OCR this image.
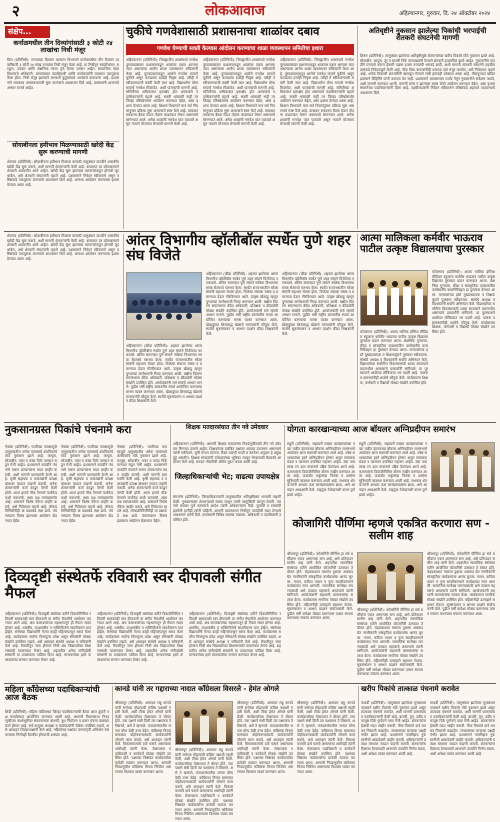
२	लोकआवाज	अहिल्यानगर, गुरुवार, दि. २४ ऑक्टोबर २०२४
संक्षेप...
कर्नाळमधील तीन दिव्यांगांसाठी ३ कोटी २४ लाखांचा निधी मंजूर
विटा (प्रतिनिधी): राज्याच्या दिव्यांग कल्याण विभागाने कर्नाळमधील तीन दिव्यांग व्यक्तींसाठी ३ कोटी २४ लाख रुपयांचा निधी मंजूर केला आहे. या निधीतून स्वयंरोजगार, घरकुल, उपचार आणि शैक्षणिक गरजा पूर्ण केल्या जाणार आहेत. सामाजिक न्याय विभागाचे अधिकारी, ग्रामपंचायत पदाधिकारी आणि कार्यकर्त्यांनी याबाबत पाठपुरावा केला होता. निधी मंजूर झाल्याने लाभार्थी कुटुंबांमध्ये आनंदाचे वातावरण आहे. प्रशासनाने लवकरच अंमलबजावणी सुरू करण्याचे आश्वासन दिले आहे. ग्रामस्थांनी शासनाचे आभार मानले आहेत.
सोयाबीनला हमीभाव मिळण्यासाठी खरेदी केंद्र सुरू करण्याची मागणी
शेवगाव (प्रतिनिधी): सोयाबीनला हमीभाव मिळावा यासाठी तालुक्यात तातडीने शासकीय खरेदी केंद्र सुरू करावे, अशी मागणी शेतकऱ्यांनी केली आहे. बाजारात दर कोसळल्याने शेतकरी अडचणीत आले आहेत. खरेदी केंद्र सुरू झाल्यास व्यापाऱ्यांकडून होणारी लूट थांबेल, असे शेतकरी संघटनांनी म्हटले आहे. प्रशासनाने निवेदन स्वीकारले असून वरिष्ठांकडे पाठपुरावा करण्याचे आश्वासन दिले आहे. अन्यथा आंदोलन करण्याचा इशारा देण्यात आला आहे.
चुकीचे गणवेशासाठी प्रशासनाचा शाळांवर दबाव
गणवेश घेण्याची सक्ती केल्यास आंदोलन करण्याचा शाळा व्यवस्थापन समितीचा इशारा
अहिल्यानगर (प्रतिनिधी): जिल्ह्यातील शाळांमध्ये गणवेश पुरवठ्याबाबत प्रशासनाकडून शाळांवर दबाव आणला जात असल्याचा आरोप शाळा व्यवस्थापन समित्यांनी केला आहे. पुरवठादाराकडून आलेले गणवेश मापाने चुकीचे असून कापडाचा दर्जाही निकृष्ट आहे. तरीही ते स्वीकारण्याची सक्ती केली जात आहे. विद्यार्थ्यांना योग्य मापाचे गणवेश मिळावेत, अशी पालकांची मागणी आहे. समितीच्या अधिकारात हस्तक्षेप होत असल्याचे पदाधिकाऱ्यांनी म्हटले आहे. सक्ती थांबवली नाही तर जिल्हा परिषदेसमोर आंदोलन करण्यात येईल, असा इशारा देण्यात आला आहे. शिक्षण विभागाने मात्र सर्व नियमांनुसार प्रक्रिया सुरू असल्याचे स्पष्ट केले आहे. याबाबत लवकरच बैठक घेऊन तोडगा काढण्यात येणार असल्याचे सांगण्यात आले. अनेक शाळांनी गणवेश परत पाठवले असून नव्याने मोजमाप घेण्याची मागणी केली आहे.
अहिल्यानगर (प्रतिनिधी): जिल्ह्यातील शाळांमध्ये गणवेश पुरवठ्याबाबत प्रशासनाकडून शाळांवर दबाव आणला जात असल्याचा आरोप शाळा व्यवस्थापन समित्यांनी केला आहे. पुरवठादाराकडून आलेले गणवेश मापाने चुकीचे असून कापडाचा दर्जाही निकृष्ट आहे. तरीही ते स्वीकारण्याची सक्ती केली जात आहे. विद्यार्थ्यांना योग्य मापाचे गणवेश मिळावेत, अशी पालकांची मागणी आहे. समितीच्या अधिकारात हस्तक्षेप होत असल्याचे पदाधिकाऱ्यांनी म्हटले आहे. सक्ती थांबवली नाही तर जिल्हा परिषदेसमोर आंदोलन करण्यात येईल, असा इशारा देण्यात आला आहे. शिक्षण विभागाने मात्र सर्व नियमांनुसार प्रक्रिया सुरू असल्याचे स्पष्ट केले आहे. याबाबत लवकरच बैठक घेऊन तोडगा काढण्यात येणार असल्याचे सांगण्यात आले. अनेक शाळांनी गणवेश परत पाठवले असून नव्याने मोजमाप घेण्याची मागणी केली आहे.
अहिल्यानगर (प्रतिनिधी): जिल्ह्यातील शाळांमध्ये गणवेश पुरवठ्याबाबत प्रशासनाकडून शाळांवर दबाव आणला जात असल्याचा आरोप शाळा व्यवस्थापन समित्यांनी केला आहे. पुरवठादाराकडून आलेले गणवेश मापाने चुकीचे असून कापडाचा दर्जाही निकृष्ट आहे. तरीही ते स्वीकारण्याची सक्ती केली जात आहे. विद्यार्थ्यांना योग्य मापाचे गणवेश मिळावेत, अशी पालकांची मागणी आहे. समितीच्या अधिकारात हस्तक्षेप होत असल्याचे पदाधिकाऱ्यांनी म्हटले आहे. सक्ती थांबवली नाही तर जिल्हा परिषदेसमोर आंदोलन करण्यात येईल, असा इशारा देण्यात आला आहे. शिक्षण विभागाने मात्र सर्व नियमांनुसार प्रक्रिया सुरू असल्याचे स्पष्ट केले आहे. याबाबत लवकरच बैठक घेऊन तोडगा काढण्यात येणार असल्याचे सांगण्यात आले. अनेक शाळांनी गणवेश परत पाठवले असून नव्याने मोजमाप घेण्याची मागणी केली आहे.
अतिवृष्टीने नुकसान झालेल्या पिकांची भरपाईची शेतकरी संघटनेची मागणी
शिरूर (प्रतिनिधी): तालुक्यात झालेल्या अतिवृष्टीमुळे शेतकऱ्यांच्या खरीप पिकांचे मोठे नुकसान झाले आहे. सोयाबीन, कापूस, तूर व बाजरी पिके पाण्याखाली गेल्याने शेतकरी हवालदिल झाले आहेत. नुकसानीचे तातडीने पंचनामे करून हेक्टरी पन्नास हजार रुपयांची भरपाई द्यावी, अशी मागणी शेतकरी संघटनेने तहसीलदारांकडे निवेदनाद्वारे केली आहे. पीक विमा कंपन्यांनीही तत्काळ दावे मंजूर करावेत, असे निवेदनात म्हटले आहे. अनेक ठिकाणी शेतजमिनी खरवडून गेल्याने रब्बी हंगामही धोक्यात आला आहे. वीजपुरवठा खंडित झाल्याने विहिरींचे पाणी उपसता येत नाही. प्रशासनाने ग्रामस्तरावर पथके नेमून नुकसानीचे सर्वेक्षण करावे, अशी मागणी करण्यात आली. मागणी मान्य न झाल्यास रास्ता रोको आंदोलन करण्यात येईल, असा इशारा संघटनेच्या पदाधिकाऱ्यांनी दिला आहे. तहसीलदारांनी निवेदन स्वीकारून वरिष्ठांकडे अहवाल पाठवण्याचे आश्वासन दिले.
आंतर विभागीय व्हॉलीबॉल स्पर्धेत पुणे शहर संघ विजेते
अहिल्यानगर (क्रीडा प्रतिनिधी): शहरात झालेल्या आंतर विभागीय व्हॉलीबॉल स्पर्धेत पुणे शहर संघाने विजेतेपद पटकावले. अंतिम सामन्यात पुणे संघाने नाशिक विभागाचा सरळ सेटमध्ये पराभव केला. स्पर्धेत राज्यभरातील सोळा संघांनी सहभाग घेतला होता. विजेत्या संघाला चषक व प्रमाणपत्र देऊन गौरविण्यात आले. उत्कृष्ट खेळाडू म्हणून पुण्याच्या कर्णधाराची निवड करण्यात आली. बक्षीस वितरण समारंभाला क्रीडा अधिकारी, प्रशिक्षक व क्रीडाप्रेमी मोठ्या संख्येने उपस्थित होते. आयोजकांनी सर्व संघांचे आभार मानले. पुढील वर्षी राष्ट्रीय स्तरावरील स्पर्धा आयोजित करण्याचा मानस व्यक्त करण्यात आला. खेळाडूंच्या शिस्तबद्ध खेळाचे मान्यवरांनी कौतुक केले. स्पर्धेचे सूत्रसंचालन व आभार प्रदर्शन क्रीडा शिक्षकांनी केले.
अहिल्यानगर (क्रीडा प्रतिनिधी): शहरात झालेल्या आंतर विभागीय व्हॉलीबॉल स्पर्धेत पुणे शहर संघाने विजेतेपद पटकावले. अंतिम सामन्यात पुणे संघाने नाशिक विभागाचा सरळ सेटमध्ये पराभव केला. स्पर्धेत राज्यभरातील सोळा संघांनी सहभाग घेतला होता. विजेत्या संघाला चषक व प्रमाणपत्र देऊन गौरविण्यात आले. उत्कृष्ट खेळाडू म्हणून पुण्याच्या कर्णधाराची निवड करण्यात आली. बक्षीस वितरण समारंभाला क्रीडा अधिकारी, प्रशिक्षक व क्रीडाप्रेमी मोठ्या संख्येने उपस्थित होते. आयोजकांनी सर्व संघांचे आभार मानले. पुढील वर्षी राष्ट्रीय स्तरावरील स्पर्धा आयोजित करण्याचा मानस व्यक्त करण्यात आला. खेळाडूंच्या शिस्तबद्ध खेळाचे मान्यवरांनी कौतुक केले. स्पर्धेचे सूत्रसंचालन व आभार प्रदर्शन क्रीडा शिक्षकांनी केले.
अहिल्यानगर (क्रीडा प्रतिनिधी): शहरात झालेल्या आंतर विभागीय व्हॉलीबॉल स्पर्धेत पुणे शहर संघाने विजेतेपद पटकावले. अंतिम सामन्यात पुणे संघाने नाशिक विभागाचा सरळ सेटमध्ये पराभव केला. स्पर्धेत राज्यभरातील सोळा संघांनी सहभाग घेतला होता. विजेत्या संघाला चषक व प्रमाणपत्र देऊन गौरविण्यात आले. उत्कृष्ट खेळाडू म्हणून पुण्याच्या कर्णधाराची निवड करण्यात आली. बक्षीस वितरण समारंभाला क्रीडा अधिकारी, प्रशिक्षक व क्रीडाप्रेमी मोठ्या संख्येने उपस्थित होते. आयोजकांनी सर्व संघांचे आभार मानले. पुढील वर्षी राष्ट्रीय स्तरावरील स्पर्धा आयोजित करण्याचा मानस व्यक्त करण्यात आला. खेळाडूंच्या शिस्तबद्ध खेळाचे मान्यवरांनी कौतुक केले. स्पर्धेचे सूत्रसंचालन व आभार प्रदर्शन क्रीडा शिक्षकांनी केले.
शेवगाव (प्रतिनिधी): सोयाबीनला हमीभाव मिळावा यासाठी तालुक्यात तातडीने शासकीय खरेदी केंद्र सुरू करावे, अशी मागणी शेतकऱ्यांनी केली आहे. बाजारात दर कोसळल्याने शेतकरी अडचणीत आले आहेत. खरेदी केंद्र सुरू झाल्यास व्यापाऱ्यांकडून होणारी लूट थांबेल, असे शेतकरी संघटनांनी म्हटले आहे. प्रशासनाने निवेदन स्वीकारले असून वरिष्ठांकडे पाठपुरावा करण्याचे आश्वासन दिले आहे. अन्यथा आंदोलन करण्याचा इशारा देण्यात आला आहे.
आत्मा मालिकला कर्मवीर भाऊराव पाटील उत्कृष्ट विद्यालयाचा पुरस्कार
कोपरगाव (प्रतिनिधी): आत्मा मालिक इंग्लिश मीडियम स्कूलला कर्मवीर भाऊराव पाटील उत्कृष्ट विद्यालय पुरस्कार प्रदान करण्यात आला. शैक्षणिक गुणवत्ता, क्रीडा व सांस्कृतिक उपक्रमांतील उल्लेखनीय कामगिरीबद्दल हा पुरस्कार देण्यात आला. मान्यवरांच्या हस्ते मुख्याध्यापक व शिक्षकवृंदाने पुरस्कार स्वीकारला. संस्थेचे अध्यक्ष व विश्वस्तांनी सर्वांचे अभिनंदन केले. विद्यार्थ्यांच्या सर्वांगीण विकासासाठी शाळा सातत्याने प्रयत्नशील असल्याचे प्राचार्यांनी सांगितले. या पुरस्काराने शाळेच्या लौकिकात भर पडली आहे. पालक व ग्रामस्थांनीही शाळेचे कौतुक केले. कार्यक्रमास शिक्षक, कर्मचारी व विद्यार्थी मोठ्या संख्येने उपस्थित होते.
कोपरगाव (प्रतिनिधी): आत्मा मालिक इंग्लिश मीडियम स्कूलला कर्मवीर भाऊराव पाटील उत्कृष्ट विद्यालय पुरस्कार प्रदान करण्यात आला. शैक्षणिक गुणवत्ता, क्रीडा व सांस्कृतिक उपक्रमांतील उल्लेखनीय कामगिरीबद्दल हा पुरस्कार देण्यात आला. मान्यवरांच्या हस्ते मुख्याध्यापक व शिक्षकवृंदाने पुरस्कार स्वीकारला. संस्थेचे अध्यक्ष व विश्वस्तांनी सर्वांचे अभिनंदन केले. विद्यार्थ्यांच्या सर्वांगीण विकासासाठी शाळा सातत्याने प्रयत्नशील असल्याचे प्राचार्यांनी सांगितले. या पुरस्काराने शाळेच्या लौकिकात भर पडली आहे. पालक व ग्रामस्थांनीही शाळेचे कौतुक केले. कार्यक्रमास शिक्षक, कर्मचारी व विद्यार्थी मोठ्या संख्येने उपस्थित होते.
नुकसानग्रस्त पिकांचे पंचनामे करा
नेवासा (प्रतिनिधी): परतीच्या पावसामुळे तालुक्यातील अनेक गावांमध्ये शेतपिकांचे मोठे नुकसान झाले आहे. कापूस, सोयाबीन, मका व कांदा पिके पाण्यात सडून गेली आहेत. प्रशासनाने तातडीने पंचनामे करून शेतकऱ्यांना मदत जाहीर करावी, अशी मागणी ग्रामस्थांनी केली आहे. कृषी सहायक व तलाठ्यांनी प्रत्यक्ष बांधावर जाऊन पाहणी करावी. अनेक शेतकऱ्यांनी कर्ज काढून पेरणी केली होती. आता हातचे पीक गेल्याने कर्जफेड कशी करायची, असा प्रश्न त्यांच्यासमोर आहे. शासनाने विशेष पॅकेज जाहीर करावे, असे निवेदनात म्हटले आहे. लोकप्रतिनिधींनीही या प्रश्नाकडे लक्ष द्यावे. पंचनाम्यास विलंब झाल्यास आंदोलन छेडण्यात येईल.
नेवासा (प्रतिनिधी): परतीच्या पावसामुळे तालुक्यातील अनेक गावांमध्ये शेतपिकांचे मोठे नुकसान झाले आहे. कापूस, सोयाबीन, मका व कांदा पिके पाण्यात सडून गेली आहेत. प्रशासनाने तातडीने पंचनामे करून शेतकऱ्यांना मदत जाहीर करावी, अशी मागणी ग्रामस्थांनी केली आहे. कृषी सहायक व तलाठ्यांनी प्रत्यक्ष बांधावर जाऊन पाहणी करावी. अनेक शेतकऱ्यांनी कर्ज काढून पेरणी केली होती. आता हातचे पीक गेल्याने कर्जफेड कशी करायची, असा प्रश्न त्यांच्यासमोर आहे. शासनाने विशेष पॅकेज जाहीर करावे, असे निवेदनात म्हटले आहे. लोकप्रतिनिधींनीही या प्रश्नाकडे लक्ष द्यावे. पंचनाम्यास विलंब झाल्यास आंदोलन छेडण्यात येईल.
नेवासा (प्रतिनिधी): परतीच्या पावसामुळे तालुक्यातील अनेक गावांमध्ये शेतपिकांचे मोठे नुकसान झाले आहे. कापूस, सोयाबीन, मका व कांदा पिके पाण्यात सडून गेली आहेत. प्रशासनाने तातडीने पंचनामे करून शेतकऱ्यांना मदत जाहीर करावी, अशी मागणी ग्रामस्थांनी केली आहे. कृषी सहायक व तलाठ्यांनी प्रत्यक्ष बांधावर जाऊन पाहणी करावी. अनेक शेतकऱ्यांनी कर्ज काढून पेरणी केली होती. आता हातचे पीक गेल्याने कर्जफेड कशी करायची, असा प्रश्न त्यांच्यासमोर आहे. शासनाने विशेष पॅकेज जाहीर करावे, असे निवेदनात म्हटले आहे. लोकप्रतिनिधींनीही या प्रश्नाकडे लक्ष द्यावे. पंचनाम्यास विलंब झाल्यास आंदोलन छेडण्यात येईल.
शिक्षक मतदारसंघात तीन नवे उमेदवार
अहिल्यानगर (प्रतिनिधी): आगामी शिक्षक मतदारसंघ निवडणुकीसाठी तीन नवे उमेदवार रिंगणात उतरले आहेत. शिक्षकांच्या प्रलंबित प्रश्नांवर आवाज उठवणार असल्याचे त्यांनी सांगितले. जुनी पेन्शन योजना, रिक्त पदांची भरती व वेतनेतर अनुदान हे प्रमुख मुद्दे असतील. शिक्षक संघटनांनी उमेदवारांच्या भूमिका जाणून घेण्यासाठी बैठकांचे आयोजन केले आहे. मतदार नोंदणीची अंतिम मुदत जवळ आली आहे.
योगता कारखान्याच्या आज बॉयलर अग्निप्रदीपन समारंभ
राहुरी (प्रतिनिधी): सहकारी साखर कारखान्याच्या नव्या गळीत हंगामाच्या बॉयलर अग्निप्रदीपन समारंभाचे आयोजन आज सकाळी करण्यात आले आहे. ज्येष्ठ सभासदांच्या हस्ते अग्निप्रदीपन होणार असून संचालक मंडळ व कामगार उपस्थित राहणार आहेत. यंदा पाच लाख टन ऊस गाळपाचे उद्दिष्ट ठेवण्यात आले आहे. कामगारांना दिवाळीनिमित्त बोनस जाहीर करण्यात आला आहे. ऊसतोड मजुरांच्या निवास व आरोग्य सुविधांची व्यवस्था करण्यात आली आहे. सभासद शेतकऱ्यांनी आपला ऊस कारखान्यालाच द्यावा, असे आवाहन अध्यक्षांनी केले. वाहतूक ठेकेदारांशी करार पूर्ण झाले आहेत.
राहुरी (प्रतिनिधी): सहकारी साखर कारखान्याच्या नव्या गळीत हंगामाच्या बॉयलर अग्निप्रदीपन समारंभाचे आयोजन आज सकाळी करण्यात आले आहे. ज्येष्ठ सभासदांच्या हस्ते अग्निप्रदीपन होणार असून संचालक मंडळ व कामगार उपस्थित राहणार आहेत. यंदा पाच लाख टन ऊस गाळपाचे उद्दिष्ट ठेवण्यात आले आहे. कामगारांना दिवाळीनिमित्त बोनस जाहीर करण्यात आला आहे. ऊसतोड मजुरांच्या निवास व आरोग्य सुविधांची व्यवस्था करण्यात आली आहे. सभासद शेतकऱ्यांनी आपला ऊस कारखान्यालाच द्यावा, असे आवाहन अध्यक्षांनी केले. वाहतूक ठेकेदारांशी करार पूर्ण झाले आहेत.
जिल्हाधिकाऱ्यांची भेट; वाढत्या उपायक्षेत्र
संगमनेर (प्रतिनिधी): जिल्हाधिकाऱ्यांनी तालुक्यातील अतिवृष्टीग्रस्त भागाची पाहणी केली. नुकसानग्रस्त शेतकऱ्यांशी संवाद साधून त्यांनी वस्तुस्थिती जाणून घेतली. पंचनामे लवकर पूर्ण करण्याचे आदेश त्यांनी अधिकाऱ्यांना दिले. पुलांची व रस्त्यांची झालेली हानीही त्यांनी पाहिली. आपत्ती व्यवस्थापन निधीतून तातडीची मदत देण्याचे आश्वासन त्यांनी दिले. ग्रामस्थांनी विविध समस्या मांडल्या. अधिकारी व पदाधिकारी उपस्थित होते.	कोजागिरी पौर्णिमा म्हणजे एकत्रित करणारा सण - सलीम शाह
श्रीरामपूर (प्रतिनिधी): कोजागिरी पौर्णिमा हा सर्व धर्मीयांना एकत्र आणणारा सण आहे, असे प्रतिपादन सलीम शाह यांनी केले. शहरातील सामाजिक संस्थेच्या वतीने आयोजित कोजागिरी उत्सवात ते बोलत होते. चंद्रप्रकाशात मसाला दुधाचा आस्वाद घेत नागरिकांनी सांस्कृतिक कार्यक्रमांचा आनंद लुटला. गायन, कविता वाचन व नृत्य सादरीकरणाने कार्यक्रमात रंगत आणली. सामाजिक सलोखा जपण्यासाठी असे उपक्रम महत्त्वाचे असल्याचे त्यांनी सांगितले. आयोजकांनी सहभागी कलाकारांचा सत्कार केला. कार्यक्रमास नागरिक मोठ्या संख्येने उपस्थित होते. महिलांनीही उत्साहाने सहभाग घेतला. सूत्रसंचालन व आभार प्रदर्शन संयोजकांनी केले. पुढील वर्षी यापेक्षा मोठ्या प्रमाणावर उत्सव साजरा करण्याचा संकल्प करण्यात आला.
श्रीरामपूर (प्रतिनिधी): कोजागिरी पौर्णिमा हा सर्व धर्मीयांना एकत्र आणणारा सण आहे, असे प्रतिपादन सलीम शाह यांनी केले. शहरातील सामाजिक संस्थेच्या वतीने आयोजित कोजागिरी उत्सवात ते बोलत होते. चंद्रप्रकाशात मसाला दुधाचा आस्वाद घेत नागरिकांनी सांस्कृतिक कार्यक्रमांचा आनंद लुटला. गायन, कविता वाचन व नृत्य सादरीकरणाने कार्यक्रमात रंगत आणली. सामाजिक सलोखा जपण्यासाठी असे उपक्रम महत्त्वाचे असल्याचे त्यांनी सांगितले. आयोजकांनी सहभागी कलाकारांचा सत्कार केला. कार्यक्रमास नागरिक मोठ्या संख्येने उपस्थित होते. महिलांनीही उत्साहाने सहभाग घेतला. सूत्रसंचालन व आभार प्रदर्शन संयोजकांनी केले. पुढील वर्षी यापेक्षा मोठ्या प्रमाणावर उत्सव साजरा करण्याचा संकल्प करण्यात आला.
श्रीरामपूर (प्रतिनिधी): कोजागिरी पौर्णिमा हा सर्व धर्मीयांना एकत्र आणणारा सण आहे, असे प्रतिपादन सलीम शाह यांनी केले. शहरातील सामाजिक संस्थेच्या वतीने आयोजित कोजागिरी उत्सवात ते बोलत होते. चंद्रप्रकाशात मसाला दुधाचा आस्वाद घेत नागरिकांनी सांस्कृतिक कार्यक्रमांचा आनंद लुटला. गायन, कविता वाचन व नृत्य सादरीकरणाने कार्यक्रमात रंगत आणली. सामाजिक सलोखा जपण्यासाठी असे उपक्रम महत्त्वाचे असल्याचे त्यांनी सांगितले. आयोजकांनी सहभागी कलाकारांचा सत्कार केला. कार्यक्रमास नागरिक मोठ्या संख्येने उपस्थित होते. महिलांनीही उत्साहाने सहभाग घेतला. सूत्रसंचालन व आभार प्रदर्शन संयोजकांनी केले. पुढील वर्षी यापेक्षा मोठ्या प्रमाणावर उत्सव साजरा करण्याचा संकल्प करण्यात आला.
दिव्यदृष्टी संस्थेतर्फे रविवारी स्वर दीपावली संगीत मैफल
अहिल्यानगर (प्रतिनिधी): दिव्यदृष्टी संस्थेच्या वतीने दिवाळीनिमित्त रविवारी सायंकाळी स्वर दीपावली या संगीत मैफलीचे आयोजन करण्यात आले आहे. अंध कलाकारांच्या सहभागातून ही मैफल सादर होणार आहे. शास्त्रीय, उपशास्त्रीय व भक्तिगीतांचे सादरीकरण यात होईल. संस्थेच्या विद्यार्थ्यांनी गेल्या काही महिन्यांपासून सराव केला आहे. कार्यक्रमास सर्वांना विनामूल्य प्रवेश असून रसिकांनी मोठ्या संख्येने उपस्थित राहावे, असे आवाहन संस्थेचे अध्यक्ष व सचिवांनी केले आहे. मैफलीतून जमा होणारा निधी अंध विद्यार्थ्यांच्या शिक्षणासाठी वापरण्यात येणार आहे. शहरातील अनेक संगीतप्रेमी संस्थांनी या उपक्रमाला पाठिंबा दिला आहे. मान्यवरांच्या हस्ते कलाकारांचा सन्मान करण्यात येणार आहे.
अहिल्यानगर (प्रतिनिधी): दिव्यदृष्टी संस्थेच्या वतीने दिवाळीनिमित्त रविवारी सायंकाळी स्वर दीपावली या संगीत मैफलीचे आयोजन करण्यात आले आहे. अंध कलाकारांच्या सहभागातून ही मैफल सादर होणार आहे. शास्त्रीय, उपशास्त्रीय व भक्तिगीतांचे सादरीकरण यात होईल. संस्थेच्या विद्यार्थ्यांनी गेल्या काही महिन्यांपासून सराव केला आहे. कार्यक्रमास सर्वांना विनामूल्य प्रवेश असून रसिकांनी मोठ्या संख्येने उपस्थित राहावे, असे आवाहन संस्थेचे अध्यक्ष व सचिवांनी केले आहे. मैफलीतून जमा होणारा निधी अंध विद्यार्थ्यांच्या शिक्षणासाठी वापरण्यात येणार आहे. शहरातील अनेक संगीतप्रेमी संस्थांनी या उपक्रमाला पाठिंबा दिला आहे. मान्यवरांच्या हस्ते कलाकारांचा सन्मान करण्यात येणार आहे.
अहिल्यानगर (प्रतिनिधी): दिव्यदृष्टी संस्थेच्या वतीने दिवाळीनिमित्त रविवारी सायंकाळी स्वर दीपावली या संगीत मैफलीचे आयोजन करण्यात आले आहे. अंध कलाकारांच्या सहभागातून ही मैफल सादर होणार आहे. शास्त्रीय, उपशास्त्रीय व भक्तिगीतांचे सादरीकरण यात होईल. संस्थेच्या विद्यार्थ्यांनी गेल्या काही महिन्यांपासून सराव केला आहे. कार्यक्रमास सर्वांना विनामूल्य प्रवेश असून रसिकांनी मोठ्या संख्येने उपस्थित राहावे, असे आवाहन संस्थेचे अध्यक्ष व सचिवांनी केले आहे. मैफलीतून जमा होणारा निधी अंध विद्यार्थ्यांच्या शिक्षणासाठी वापरण्यात येणार आहे. शहरातील अनेक संगीतप्रेमी संस्थांनी या उपक्रमाला पाठिंबा दिला आहे. मान्यवरांच्या हस्ते कलाकारांचा सन्मान करण्यात येणार आहे.
महिला काँग्रेसच्या पदाधिकाऱ्यांची आज बैठक
शिर्डी (प्रतिनिधी): महिला काँग्रेसच्या जिल्हा पदाधिकाऱ्यांची बैठक आज दुपारी पक्ष कार्यालयात आयोजित करण्यात आली आहे. आगामी विधानसभा निवडणुकीच्या पार्श्वभूमीवर संघटनात्मक बांधणी, बूथ नियोजन व प्रचार यंत्रणा याबाबत चर्चा होणार आहे. सर्व तालुका अध्यक्षा व कार्यकर्त्यांनी वेळेवर उपस्थित राहावे, असे आवाहन जिल्हाध्यक्षांनी केले आहे. महिलांच्या प्रश्नांवर जनजागृती अभियान राबवण्याचा निर्णयही बैठकीत होण्याची शक्यता आहे.
कानडे यांनी तर गद्दाराच्या नादात काँग्रेसला विसरले - हेमंत ओगले
श्रीरामपूर (प्रतिनिधी): आमदार लहू कानडे यांनी सत्तेच्या मोहापायी काँग्रेस पक्षाशी गद्दारी केली, अशी टीका हेमंत ओगले यांनी केली. कार्यकर्त्यांच्या मेळाव्यात ते बोलत होते. ज्या पक्षाने संधी दिली त्या पक्षालाच ते विसरले, असे ते म्हणाले. मतदारसंघातील जनता योग्य वेळी उत्तर देईल. काँग्रेसचा विचार घराघरात पोहोचवण्यासाठी कार्यकर्त्यांनी जोमाने काम करावे, असे आवाहन त्यांनी केले. विकासकामांचे दावे फसवे असल्याचा आरोपही त्यांनी केला. मेळाव्यास पदाधिकारी व कार्यकर्ते मोठ्या संख्येने उपस्थित होते. पक्षाच्या निष्ठावंत कार्यकर्त्यांचा यावेळी सत्कार करण्यात आला. आगामी निवडणुकीत काँग्रेसचा विजय निश्चित असल्याचा विश्वास व्यक्त करण्यात आला.
श्रीरामपूर (प्रतिनिधी): आमदार लहू कानडे यांनी सत्तेच्या मोहापायी काँग्रेस पक्षाशी गद्दारी केली, अशी टीका हेमंत ओगले यांनी केली. कार्यकर्त्यांच्या मेळाव्यात ते बोलत होते. ज्या पक्षाने संधी दिली त्या पक्षालाच ते विसरले, असे ते म्हणाले. मतदारसंघातील जनता योग्य वेळी उत्तर देईल. काँग्रेसचा विचार घराघरात पोहोचवण्यासाठी कार्यकर्त्यांनी जोमाने काम करावे, असे आवाहन त्यांनी केले. विकासकामांचे दावे फसवे असल्याचा आरोपही त्यांनी केला. मेळाव्यास पदाधिकारी व कार्यकर्ते मोठ्या संख्येने उपस्थित होते. पक्षाच्या निष्ठावंत कार्यकर्त्यांचा यावेळी सत्कार करण्यात आला. आगामी निवडणुकीत काँग्रेसचा विजय निश्चित असल्याचा विश्वास व्यक्त करण्यात आला.
श्रीरामपूर (प्रतिनिधी): आमदार लहू कानडे यांनी सत्तेच्या मोहापायी काँग्रेस पक्षाशी गद्दारी केली, अशी टीका हेमंत ओगले यांनी केली. कार्यकर्त्यांच्या मेळाव्यात ते बोलत होते. ज्या पक्षाने संधी दिली त्या पक्षालाच ते विसरले, असे ते म्हणाले. मतदारसंघातील जनता योग्य वेळी उत्तर देईल. काँग्रेसचा विचार घराघरात पोहोचवण्यासाठी कार्यकर्त्यांनी जोमाने काम करावे, असे आवाहन त्यांनी केले. विकासकामांचे दावे फसवे असल्याचा आरोपही त्यांनी केला. मेळाव्यास पदाधिकारी व कार्यकर्ते मोठ्या संख्येने उपस्थित होते. पक्षाच्या निष्ठावंत कार्यकर्त्यांचा यावेळी सत्कार करण्यात आला. आगामी निवडणुकीत काँग्रेसचा विजय निश्चित असल्याचा विश्वास व्यक्त करण्यात आला.
श्रीरामपूर (प्रतिनिधी): आमदार लहू कानडे यांनी सत्तेच्या मोहापायी काँग्रेस पक्षाशी गद्दारी केली, अशी टीका हेमंत ओगले यांनी केली. कार्यकर्त्यांच्या मेळाव्यात ते बोलत होते. ज्या पक्षाने संधी दिली त्या पक्षालाच ते विसरले, असे ते म्हणाले. मतदारसंघातील जनता योग्य वेळी उत्तर देईल. काँग्रेसचा विचार घराघरात पोहोचवण्यासाठी कार्यकर्त्यांनी जोमाने काम करावे, असे आवाहन त्यांनी केले. विकासकामांचे दावे फसवे असल्याचा आरोपही त्यांनी केला. मेळाव्यास पदाधिकारी व कार्यकर्ते मोठ्या संख्येने उपस्थित होते. पक्षाच्या निष्ठावंत कार्यकर्त्यांचा यावेळी सत्कार करण्यात आला. आगामी निवडणुकीत काँग्रेसचा विजय निश्चित असल्याचा विश्वास व्यक्त करण्यात आला.
खरीप पिकांचे तात्काळ पंचनामे करावेत
पाथर्डी (प्रतिनिधी): तालुक्यात झालेल्या मुसळधार पावसाने खरीप पिकांचे मोठे नुकसान झाले असून तात्काळ पंचनामे करावेत, अशी मागणी ग्रामपंचायत पदाधिकाऱ्यांनी केली आहे. बाजरी, मूग, उडीद व कापूस पिके पूर्णपणे वाया गेली आहेत. शेतकऱ्यांना हेक्टरी मदत जाहीर करावी. पीक विम्याचे दावे लवकर निकाली काढावेत. जनावरांच्या चाऱ्याचा प्रश्नही गंभीर झाला आहे. प्रशासनाने गावनिहाय नुकसानीची आकडेवारी जाहीर करावी. अधिकाऱ्यांनी प्रत्यक्ष बांधावर जाऊन पाहणी करावी. शेतकऱ्यांना दिलासा देण्यासाठी शासनाने तातडीने निर्णय घ्यावा, अशी अपेक्षा व्यक्त करण्यात आली आहे.
पाथर्डी (प्रतिनिधी): तालुक्यात झालेल्या मुसळधार पावसाने खरीप पिकांचे मोठे नुकसान झाले असून तात्काळ पंचनामे करावेत, अशी मागणी ग्रामपंचायत पदाधिकाऱ्यांनी केली आहे. बाजरी, मूग, उडीद व कापूस पिके पूर्णपणे वाया गेली आहेत. शेतकऱ्यांना हेक्टरी मदत जाहीर करावी. पीक विम्याचे दावे लवकर निकाली काढावेत. जनावरांच्या चाऱ्याचा प्रश्नही गंभीर झाला आहे. प्रशासनाने गावनिहाय नुकसानीची आकडेवारी जाहीर करावी. अधिकाऱ्यांनी प्रत्यक्ष बांधावर जाऊन पाहणी करावी. शेतकऱ्यांना दिलासा देण्यासाठी शासनाने तातडीने निर्णय घ्यावा, अशी अपेक्षा व्यक्त करण्यात आली आहे.
